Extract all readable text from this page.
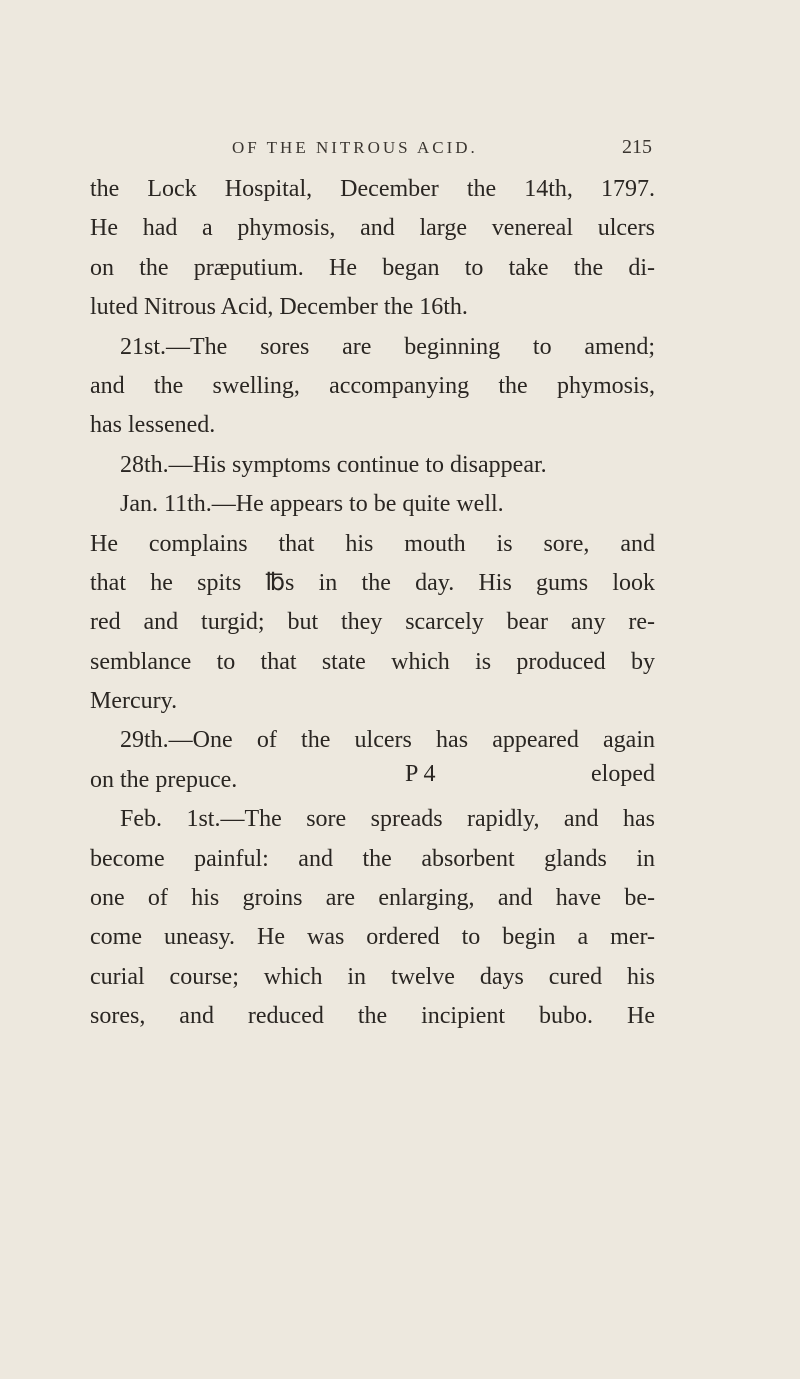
OF THE NITROUS ACID.	215
the Lock Hospital, December the 14th, 1797.
He had a phymosis, and large venereal ulcers
on the præputium. He began to take the di-
luted Nitrous Acid, December the 16th.
21st.—The sores are beginning to amend;
and the swelling, accompanying the phymosis,
has lessened.
28th.—His symptoms continue to disappear.
Jan. 11th.—He appears to be quite well.
He complains that his mouth is sore, and
that he spits ℔s in the day. His gums look
red and turgid; but they scarcely bear any re-
semblance to that state which is produced by
Mercury.
29th.—One of the ulcers has appeared again
on the prepuce.
Feb. 1st.—The sore spreads rapidly, and has
become painful: and the absorbent glands in
one of his groins are enlarging, and have be-
come uneasy. He was ordered to begin a mer-
curial course; which in twelve days cured his
sores, and reduced the incipient bubo. He
P 4	eloped
